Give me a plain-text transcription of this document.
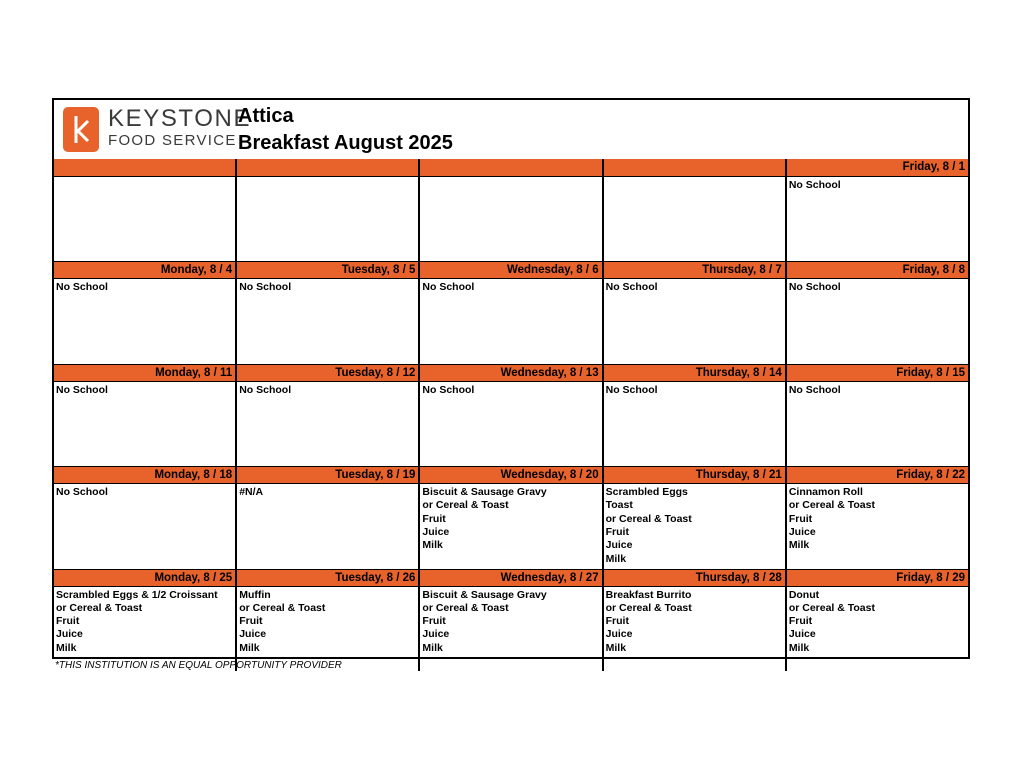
KEYSTONE
FOOD SERVICE
Attica
Breakfast August 2025
Friday, 8 / 1
No School
Monday, 8 / 4
No School
Tuesday, 8 / 5
No School
Wednesday, 8 / 6
No School
Thursday, 8 / 7
No School
Friday, 8 / 8
No School
Monday, 8 / 11
No School
Tuesday, 8 / 12
No School
Wednesday, 8 / 13
No School
Thursday, 8 / 14
No School
Friday, 8 / 15
No School
Monday, 8 / 18
No School
Tuesday, 8 / 19
#N/A
Wednesday, 8 / 20
Biscuit & Sausage Gravy
or Cereal & Toast
Fruit
Juice
Milk
Thursday, 8 / 21
Scrambled Eggs
Toast
or Cereal & Toast
Fruit
Juice
Milk
Friday, 8 / 22
Cinnamon Roll
or Cereal & Toast
Fruit
Juice
Milk
Monday, 8 / 25
Scrambled Eggs & 1/2 Croissant
or Cereal & Toast
Fruit
Juice
Milk
Tuesday, 8 / 26
Muffin
or Cereal & Toast
Fruit
Juice
Milk
Wednesday, 8 / 27
Biscuit & Sausage Gravy
or Cereal & Toast
Fruit
Juice
Milk
Thursday, 8 / 28
Breakfast Burrito
or Cereal & Toast
Fruit
Juice
Milk
Friday, 8 / 29
Donut
or Cereal & Toast
Fruit
Juice
Milk
*THIS INSTITUTION IS AN EQUAL OPPORTUNITY PROVIDER
